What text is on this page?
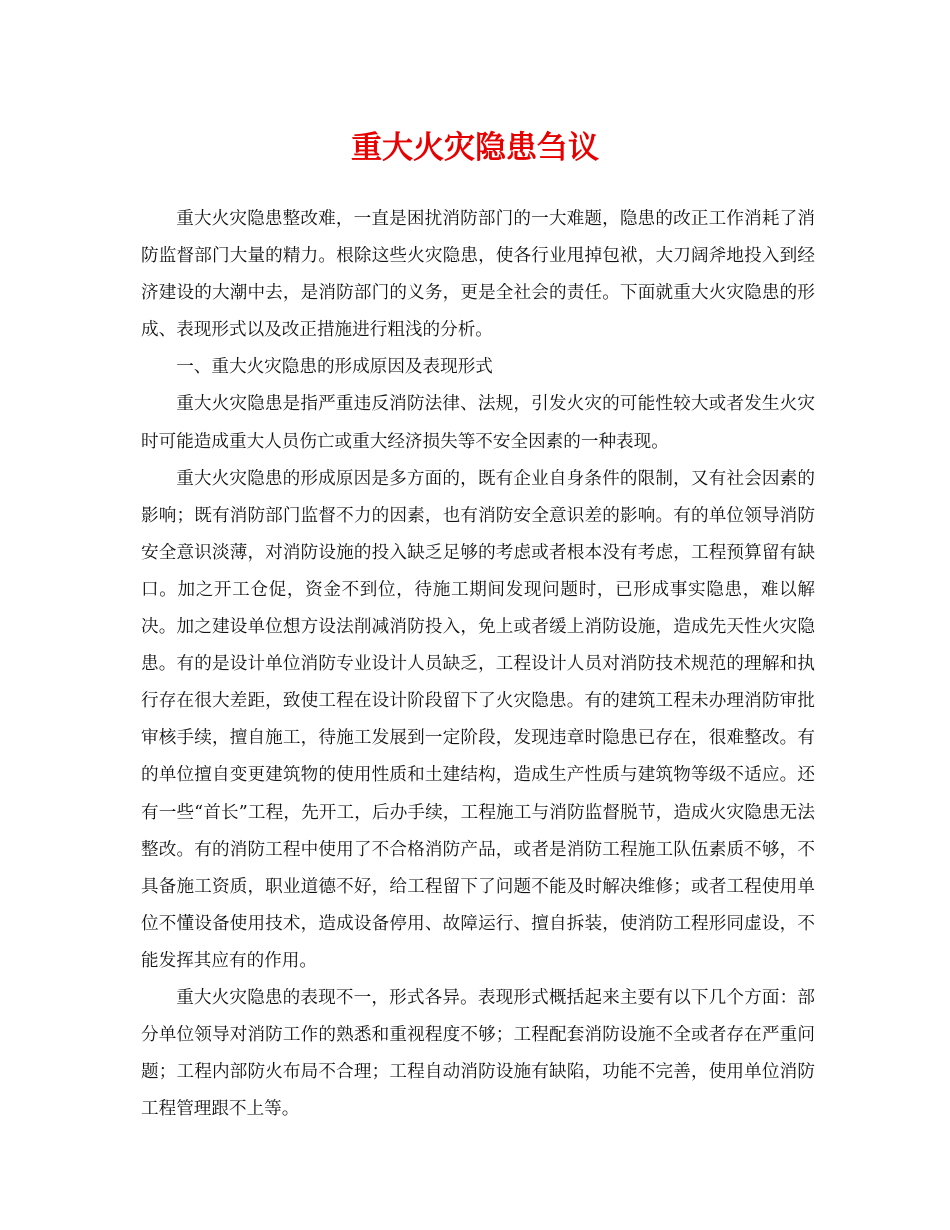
重大火灾隐患刍议

重大火灾隐患整改难，一直是困扰消防部门的一大难题，隐患的改正工作消耗了消防监督部门大量的精力。根除这些火灾隐患，使各行业甩掉包袱，大刀阔斧地投入到经济建设的大潮中去，是消防部门的义务，更是全社会的责任。下面就重大火灾隐患的形成、表现形式以及改正措施进行粗浅的分析。

一、重大火灾隐患的形成原因及表现形式

重大火灾隐患是指严重违反消防法律、法规，引发火灾的可能性较大或者发生火灾时可能造成重大人员伤亡或重大经济损失等不安全因素的一种表现。

重大火灾隐患的形成原因是多方面的，既有企业自身条件的限制，又有社会因素的影响；既有消防部门监督不力的因素，也有消防安全意识差的影响。有的单位领导消防安全意识淡薄，对消防设施的投入缺乏足够的考虑或者根本没有考虑，工程预算留有缺口。加之开工仓促，资金不到位，待施工期间发现问题时，已形成事实隐患，难以解决。加之建设单位想方设法削减消防投入，免上或者缓上消防设施，造成先天性火灾隐患。有的是设计单位消防专业设计人员缺乏，工程设计人员对消防技术规范的理解和执行存在很大差距，致使工程在设计阶段留下了火灾隐患。有的建筑工程未办理消防审批审核手续，擅自施工，待施工发展到一定阶段，发现违章时隐患已存在，很难整改。有的单位擅自变更建筑物的使用性质和土建结构，造成生产性质与建筑物等级不适应。还有一些“首长”工程，先开工，后办手续，工程施工与消防监督脱节，造成火灾隐患无法整改。有的消防工程中使用了不合格消防产品，或者是消防工程施工队伍素质不够，不具备施工资质，职业道德不好，给工程留下了问题不能及时解决维修；或者工程使用单位不懂设备使用技术，造成设备停用、故障运行、擅自拆装，使消防工程形同虚设，不能发挥其应有的作用。

重大火灾隐患的表现不一，形式各异。表现形式概括起来主要有以下几个方面：部分单位领导对消防工作的熟悉和重视程度不够；工程配套消防设施不全或者存在严重问题；工程内部防火布局不合理；工程自动消防设施有缺陷，功能不完善，使用单位消防工程管理跟不上等。
